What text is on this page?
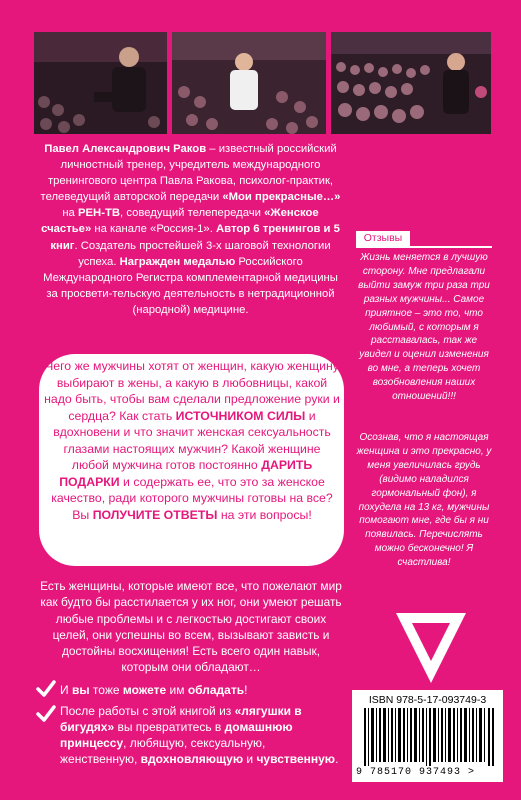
Павел Александрович Раков – известный российский личностный тренер, учредитель международного тренингового центра Павла Ракова, психолог-практик, телеведущий авторской передачи «Мои прекрасные…» на РЕН-ТВ, соведущий телепередачи «Женское счастье» на канале «Россия-1». Автор 6 тренингов и 5 книг. Создатель простейшей 3-х шаговой технологии успеха. Награжден медалью Российского Международного Регистра комплементарной медицины за просвети-тельскую деятельность в нетрадиционной (народной) медицине.
Отзывы
Жизнь меняется в лучшую сторону. Мне предлагали выйти замуж три раза три разных мужчины... Самое приятное – это то, что любимый, с которым я расставалась, так же увидел и оценил изменения во мне, а теперь хочет возобновления наших отношений!!!
Осознав, что я настоящая женщина и это прекрасно, у меня увеличилась грудь (видимо наладился гормональный фон), я похудела на 13 кг, мужчины помогают мне, где бы я ни появилась. Перечислять можно бесконечно! Я счастлива!
Чего же мужчины хотят от женщин, какую женщину выбирают в жены, а какую в любовницы, какой надо быть, чтобы вам сделали предложение руки и сердца? Как стать ИСТОЧНИКОМ СИЛЫ и вдохновени и что значит женская сексуальность глазами настоящих мужчин? Какой женщине любой мужчина готов постоянно ДАРИТЬ ПОДАРКИ и содержать ее, что это за женское качество, ради которого мужчины готовы на все? Вы ПОЛУЧИТЕ ОТВЕТЫ на эти вопросы!
Есть женщины, которые имеют все, что пожелают мир как будто бы расстилается у их ног, они умеют решать любые проблемы и с легкостью достигают своих целей, они успешны во всем, вызывают зависть и достойны восхищения! Есть всего один навык, которым они обладают…
И вы тоже можете им обладать!
После работы с этой книгой из «лягушки в бигудях» вы превратитесь в домашнюю принцессу, любящую, сексуальную, женственную, вдохновляющую и чувственную.
ISBN 978-5-17-093749-3
9 785170 937493 >
